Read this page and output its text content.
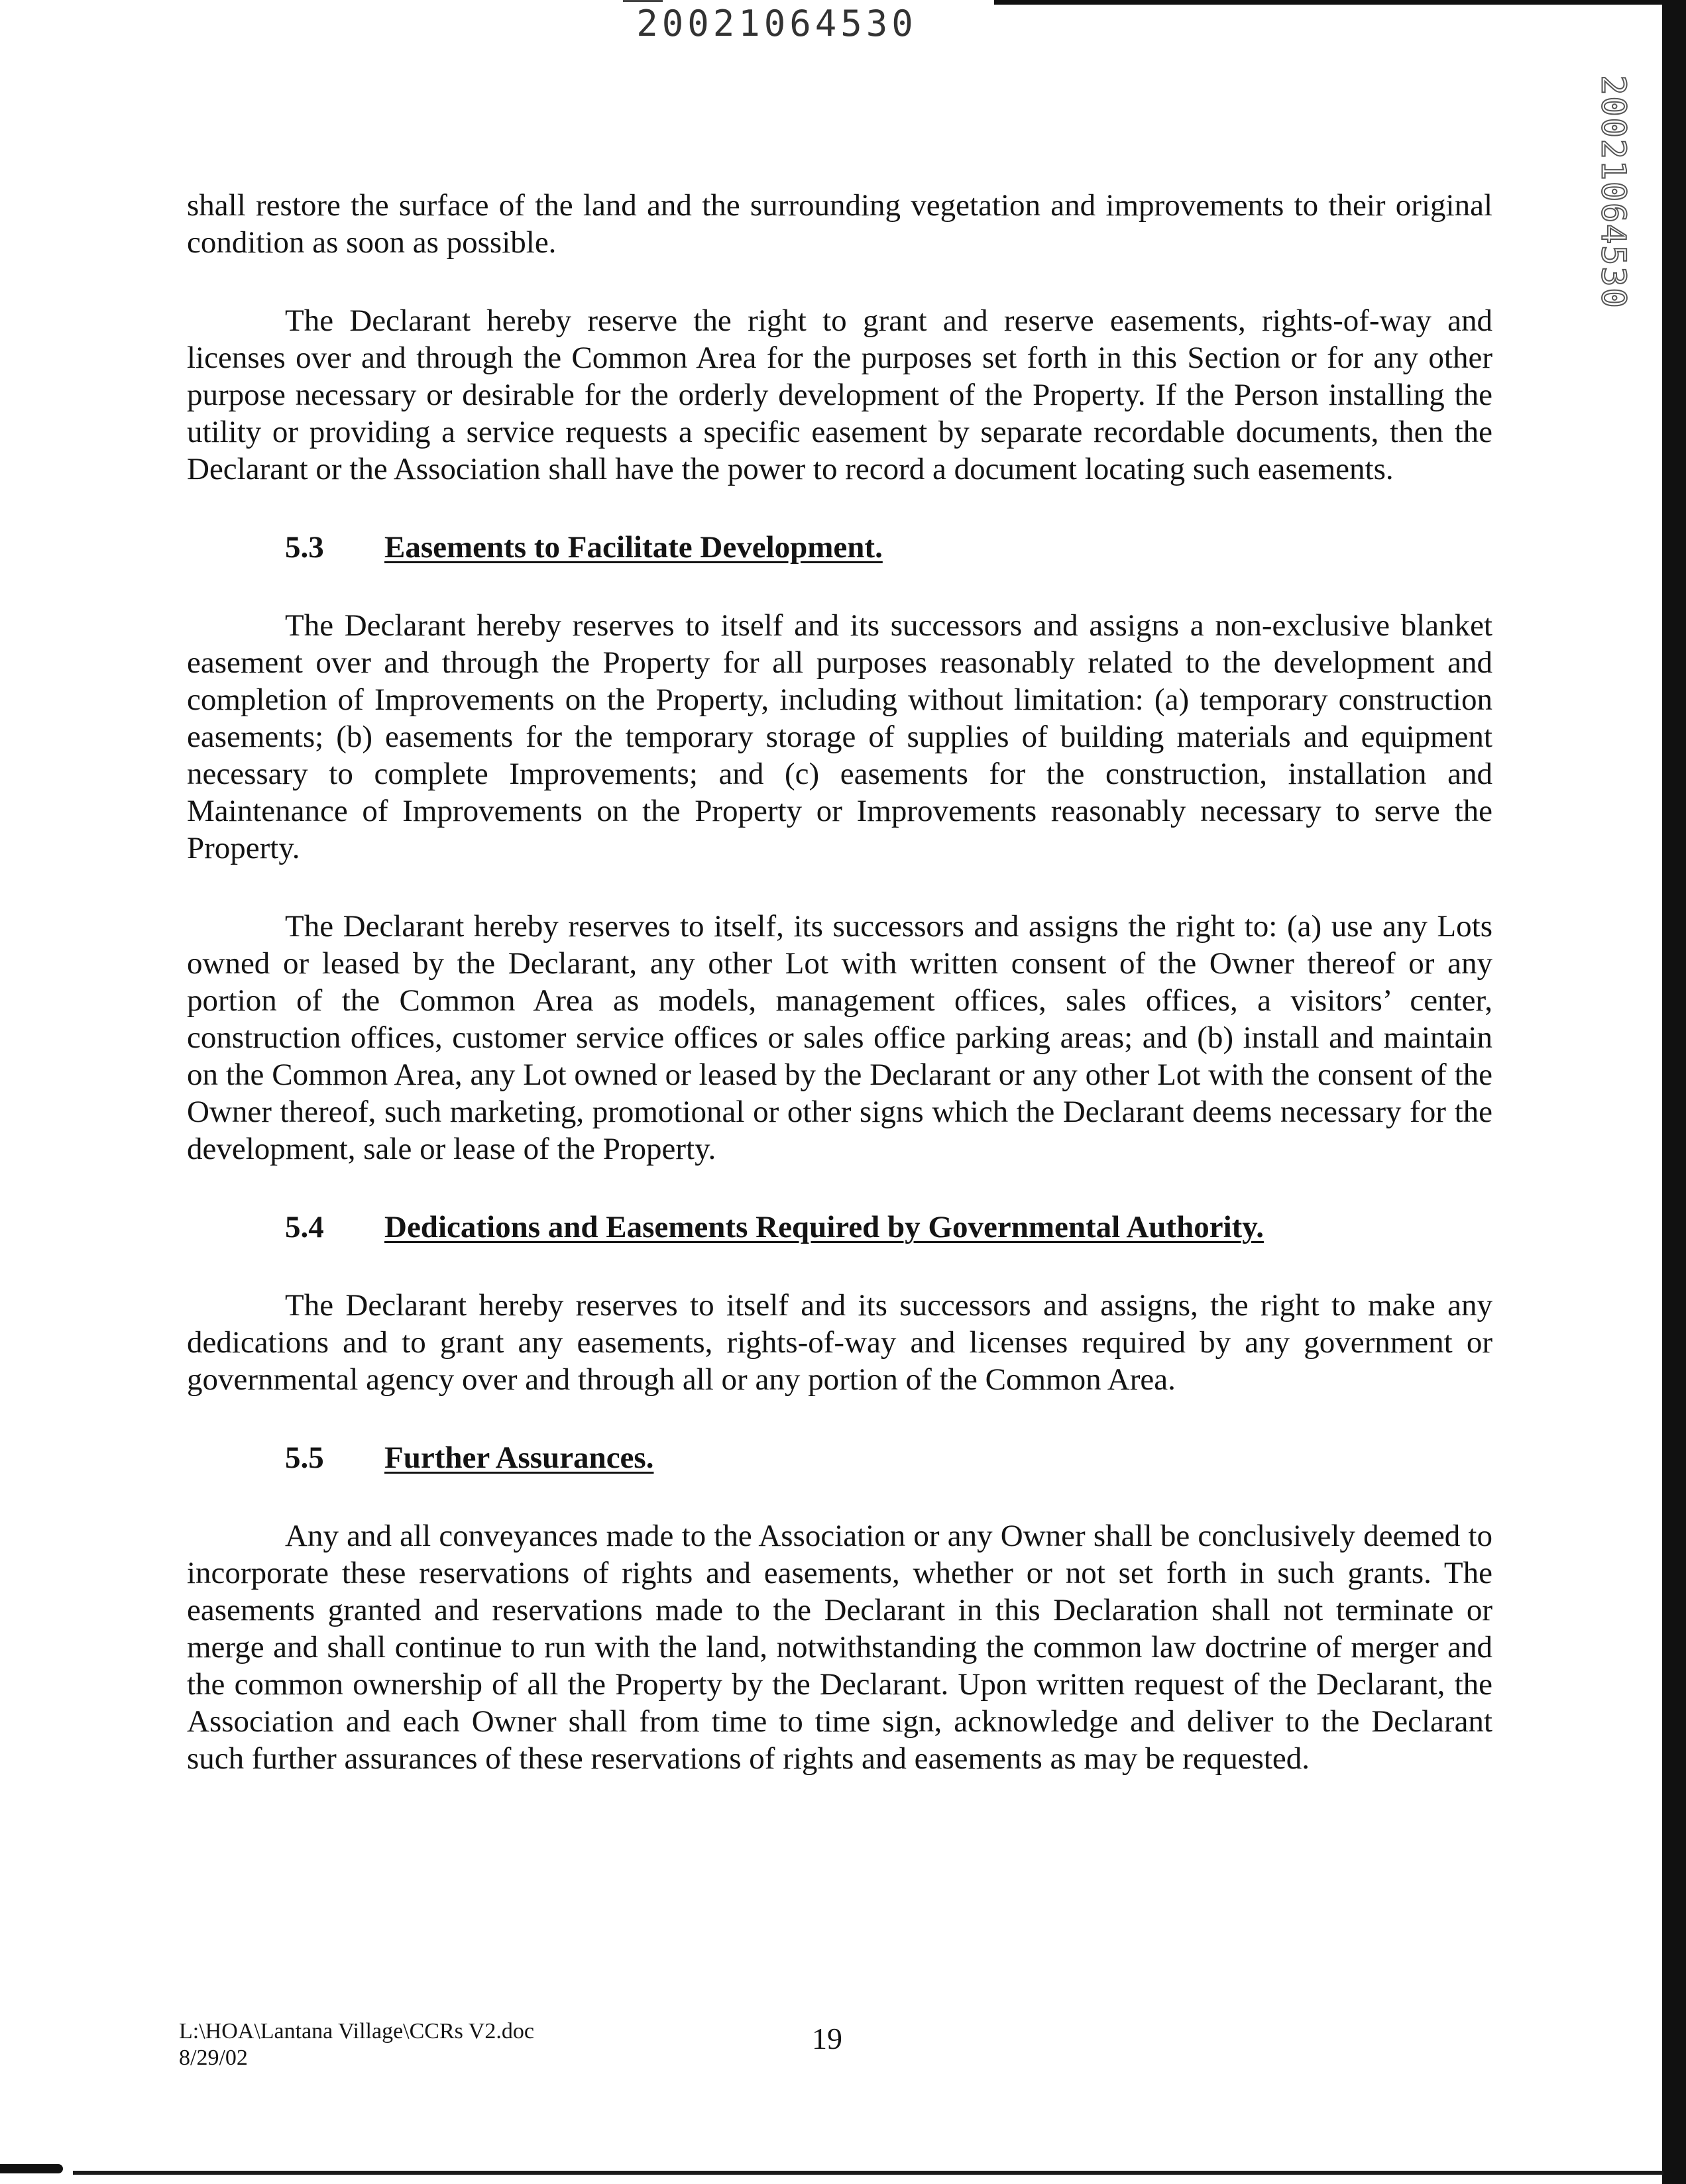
20021064530
20021064530

shall restore the surface of the land and the surrounding vegetation and improvements to their original condition as soon as possible.

The Declarant hereby reserve the right to grant and reserve easements, rights-of-way and licenses over and through the Common Area for the purposes set forth in this Section or for any other purpose necessary or desirable for the orderly development of the Property. If the Person installing the utility or providing a service requests a specific easement by separate recordable documents, then the Declarant or the Association shall have the power to record a document locating such easements.

5.3	Easements to Facilitate Development.

The Declarant hereby reserves to itself and its successors and assigns a non-exclusive blanket easement over and through the Property for all purposes reasonably related to the development and completion of Improvements on the Property, including without limitation: (a) temporary construction easements; (b) easements for the temporary storage of supplies of building materials and equipment necessary to complete Improvements; and (c) easements for the construction, installation and Maintenance of Improvements on the Property or Improvements reasonably necessary to serve the Property.

The Declarant hereby reserves to itself, its successors and assigns the right to: (a) use any Lots owned or leased by the Declarant, any other Lot with written consent of the Owner thereof or any portion of the Common Area as models, management offices, sales offices, a visitors’ center, construction offices, customer service offices or sales office parking areas; and (b) install and maintain on the Common Area, any Lot owned or leased by the Declarant or any other Lot with the consent of the Owner thereof, such marketing, promotional or other signs which the Declarant deems necessary for the development, sale or lease of the Property.

5.4	Dedications and Easements Required by Governmental Authority.

The Declarant hereby reserves to itself and its successors and assigns, the right to make any dedications and to grant any easements, rights-of-way and licenses required by any government or governmental agency over and through all or any portion of the Common Area.

5.5	Further Assurances.

Any and all conveyances made to the Association or any Owner shall be conclusively deemed to incorporate these reservations of rights and easements, whether or not set forth in such grants. The easements granted and reservations made to the Declarant in this Declaration shall not terminate or merge and shall continue to run with the land, notwithstanding the common law doctrine of merger and the common ownership of all the Property by the Declarant. Upon written request of the Declarant, the Association and each Owner shall from time to time sign, acknowledge and deliver to the Declarant such further assurances of these reservations of rights and easements as may be requested.

L:\HOA\Lantana Village\CCRs V2.doc
8/29/02
19
